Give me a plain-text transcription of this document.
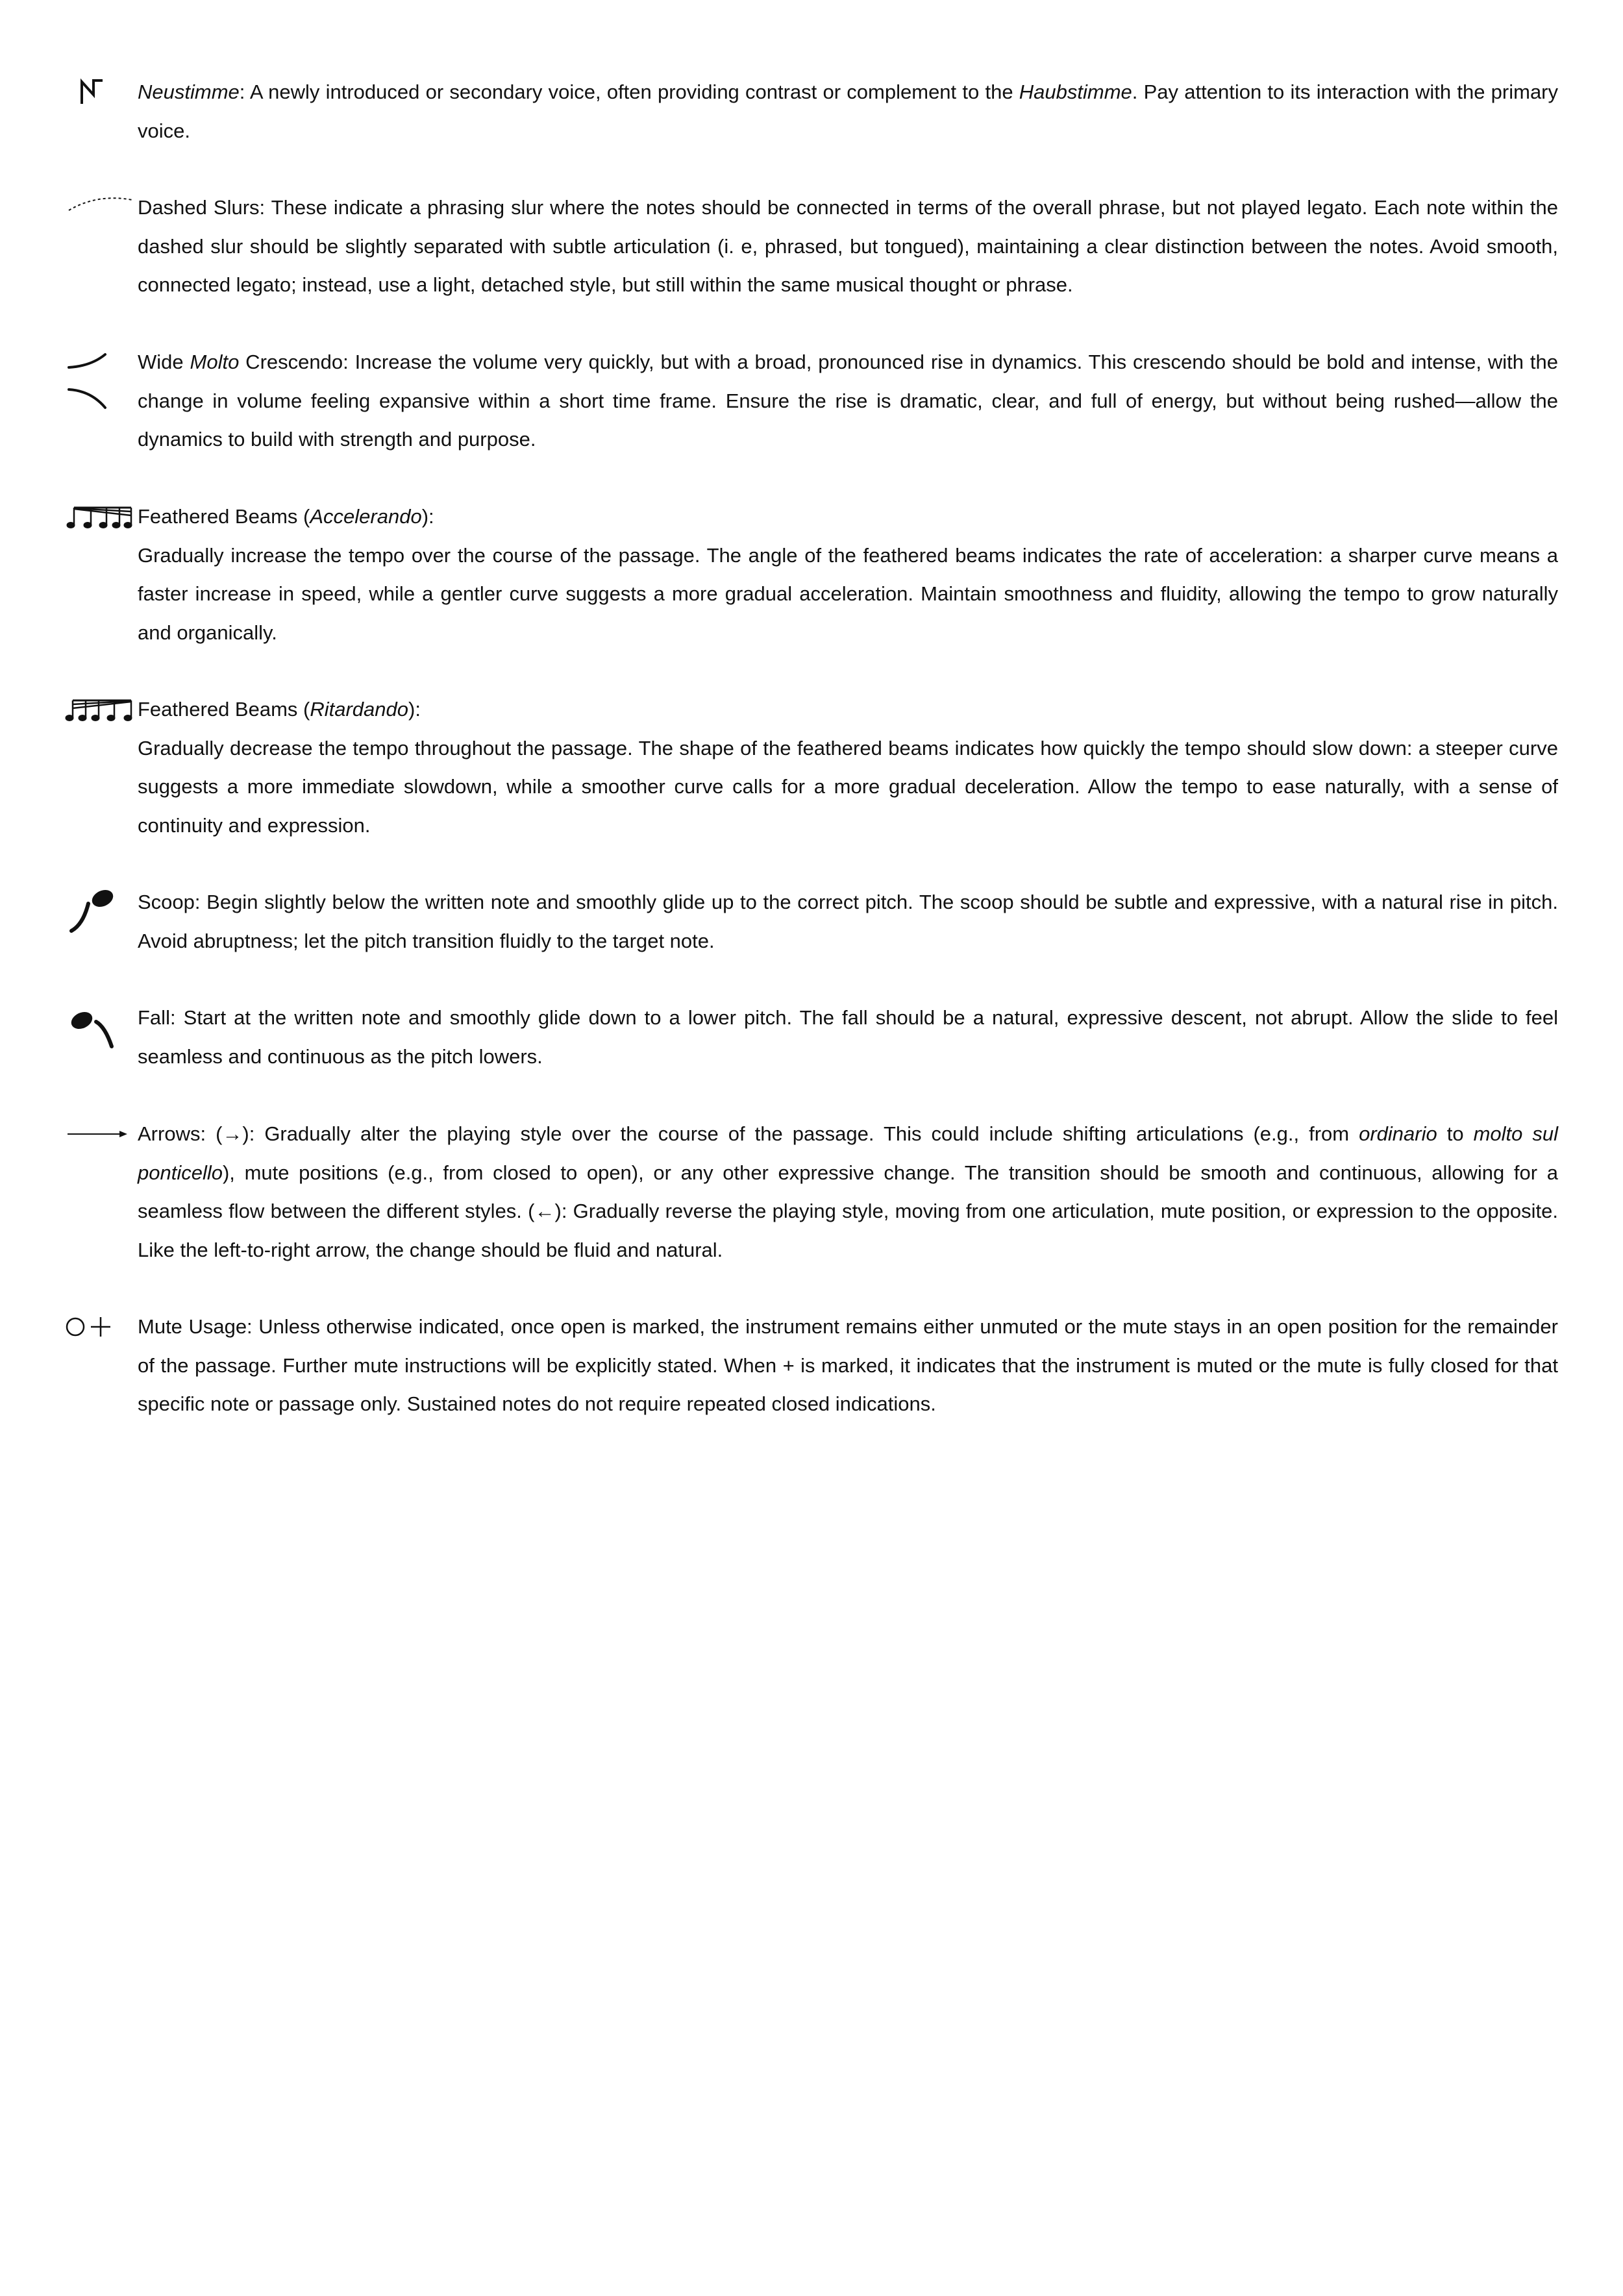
Neustimme: A newly introduced or secondary voice, often providing contrast or complement to the Haubstimme. Pay attention to its interaction with the primary voice.

Dashed Slurs: These indicate a phrasing slur where the notes should be connected in terms of the overall phrase, but not played legato. Each note within the dashed slur should be slightly separated with subtle articulation (i. e, phrased, but tongued), maintaining a clear distinction between the notes. Avoid smooth, connected legato; instead, use a light, detached style, but still within the same musical thought or phrase.

Wide Molto Crescendo: Increase the volume very quickly, but with a broad, pronounced rise in dynamics. This crescendo should be bold and intense, with the change in volume feeling expansive within a short time frame. Ensure the rise is dramatic, clear, and full of energy, but without being rushed—allow the dynamics to build with strength and purpose.

Feathered Beams (Accelerando):
Gradually increase the tempo over the course of the passage. The angle of the feathered beams indicates the rate of acceleration: a sharper curve means a faster increase in speed, while a gentler curve suggests a more gradual acceleration. Maintain smoothness and fluidity, allowing the tempo to grow naturally and organically.

Feathered Beams (Ritardando):
Gradually decrease the tempo throughout the passage. The shape of the feathered beams indicates how quickly the tempo should slow down: a steeper curve suggests a more immediate slowdown, while a smoother curve calls for a more gradual deceleration. Allow the tempo to ease naturally, with a sense of continuity and expression.

Scoop: Begin slightly below the written note and smoothly glide up to the correct pitch. The scoop should be subtle and expressive, with a natural rise in pitch. Avoid abruptness; let the pitch transition fluidly to the target note.

Fall: Start at the written note and smoothly glide down to a lower pitch. The fall should be a natural, expressive descent, not abrupt. Allow the slide to feel seamless and continuous as the pitch lowers.

Arrows: (→): Gradually alter the playing style over the course of the passage. This could include shifting articulations (e.g., from ordinario to molto sul ponticello), mute positions (e.g., from closed to open), or any other expressive change. The transition should be smooth and continuous, allowing for a seamless flow between the different styles. (←): Gradually reverse the playing style, moving from one articulation, mute position, or expression to the opposite. Like the left-to-right arrow, the change should be fluid and natural.

Mute Usage: Unless otherwise indicated, once open is marked, the instrument remains either unmuted or the mute stays in an open position for the remainder of the passage. Further mute instructions will be explicitly stated. When + is marked, it indicates that the instrument is muted or the mute is fully closed for that specific note or passage only. Sustained notes do not require repeated closed indications.
